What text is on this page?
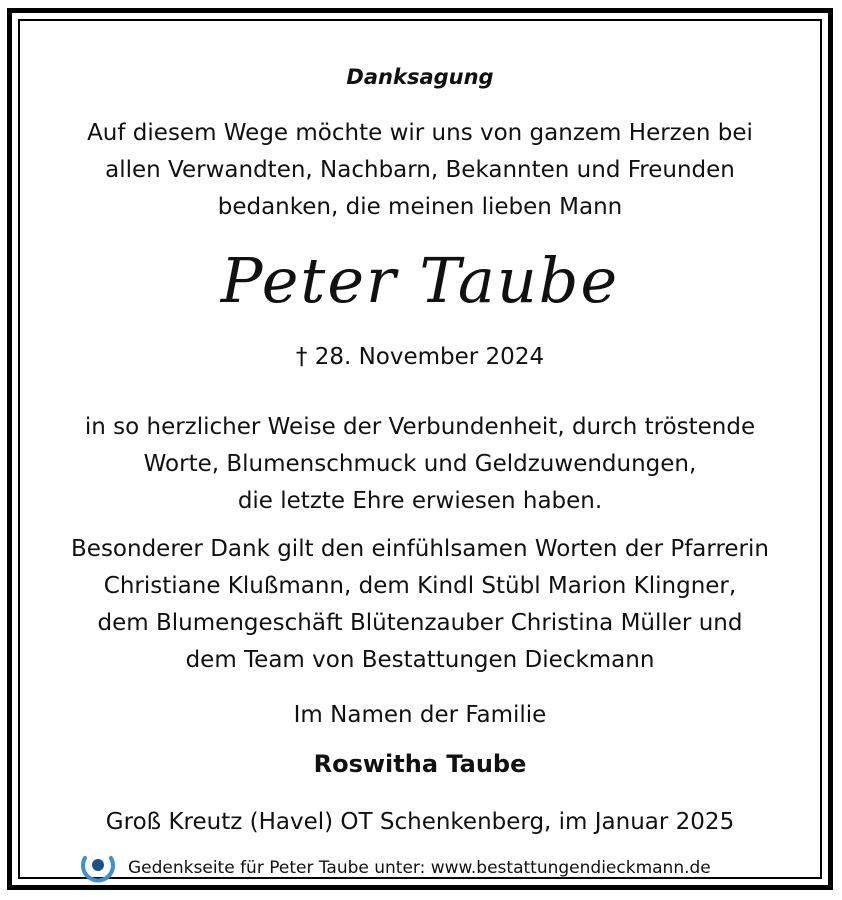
Danksagung
Auf diesem Wege möchte wir uns von ganzem Herzen bei
allen Verwandten, Nachbarn, Bekannten und Freunden
bedanken, die meinen lieben Mann
Peter Taube
† 28. November 2024
in so herzlicher Weise der Verbundenheit, durch tröstende
Worte, Blumenschmuck und Geldzuwendungen,
die letzte Ehre erwiesen haben.
Besonderer Dank gilt den einfühlsamen Worten der Pfarrerin
Christiane Klußmann, dem Kindl Stübl Marion Klingner,
dem Blumengeschäft Blütenzauber Christina Müller und
dem Team von Bestattungen Dieckmann
Im Namen der Familie
Roswitha Taube
Groß Kreutz (Havel) OT Schenkenberg, im Januar 2025
Gedenkseite für Peter Taube unter: www.bestattungendieckmann.de
